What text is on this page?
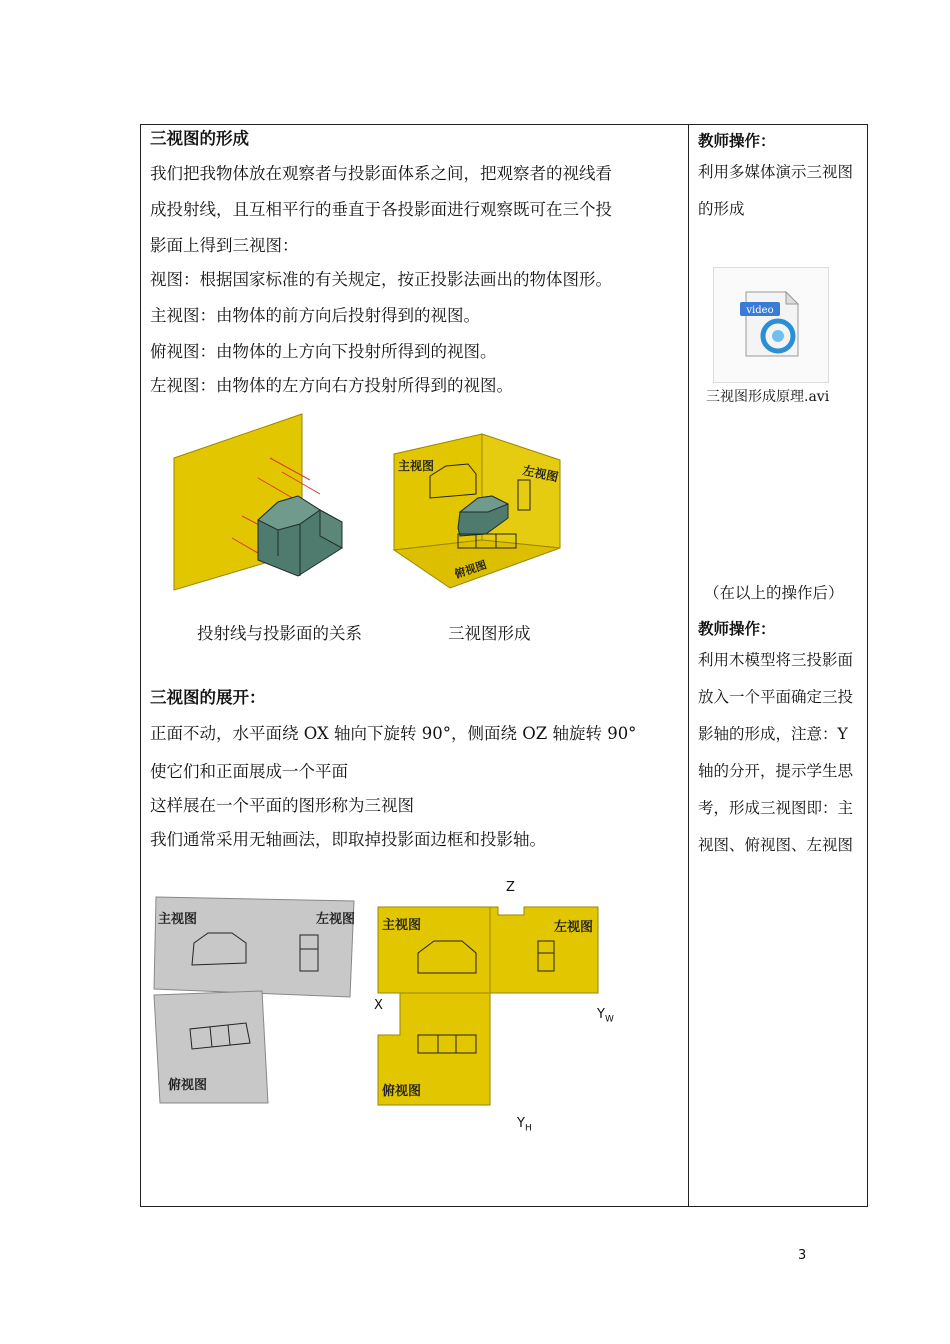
三视图的形成
我们把我物体放在观察者与投影面体系之间，把观察者的视线看
成投射线，且互相平行的垂直于各投影面进行观察既可在三个投
影面上得到三视图：
视图：根据国家标准的有关规定，按正投影法画出的物体图形。
主视图：由物体的前方向后投射得到的视图。
俯视图：由物体的上方向下投射所得到的视图。
左视图：由物体的左方向右方投射所得到的视图。
投射线与投影面的关系	三视图形成
三视图的展开：
正面不动，水平面绕 OX 轴向下旋转 90°，侧面绕 OZ 轴旋转 90°
使它们和正面展成一个平面
这样展在一个平面的图形称为三视图
我们通常采用无轴画法，即取掉投影面边框和投影轴。
主视图	左视图
俯视图
主视图	左视图
俯视图
主视图	左视图
俯视图
Z
X
$Y_W$
$Y_H$
教师操作：
利用多媒体演示三视图的形成
（在以上的操作后）
教师操作：
利用木模型将三投影面放入一个平面确定三投影轴的形成，注意：Y 轴的分开，提示学生思考，形成三视图即：主视图、俯视图、左视图
video
三视图形成原理.avi
3
